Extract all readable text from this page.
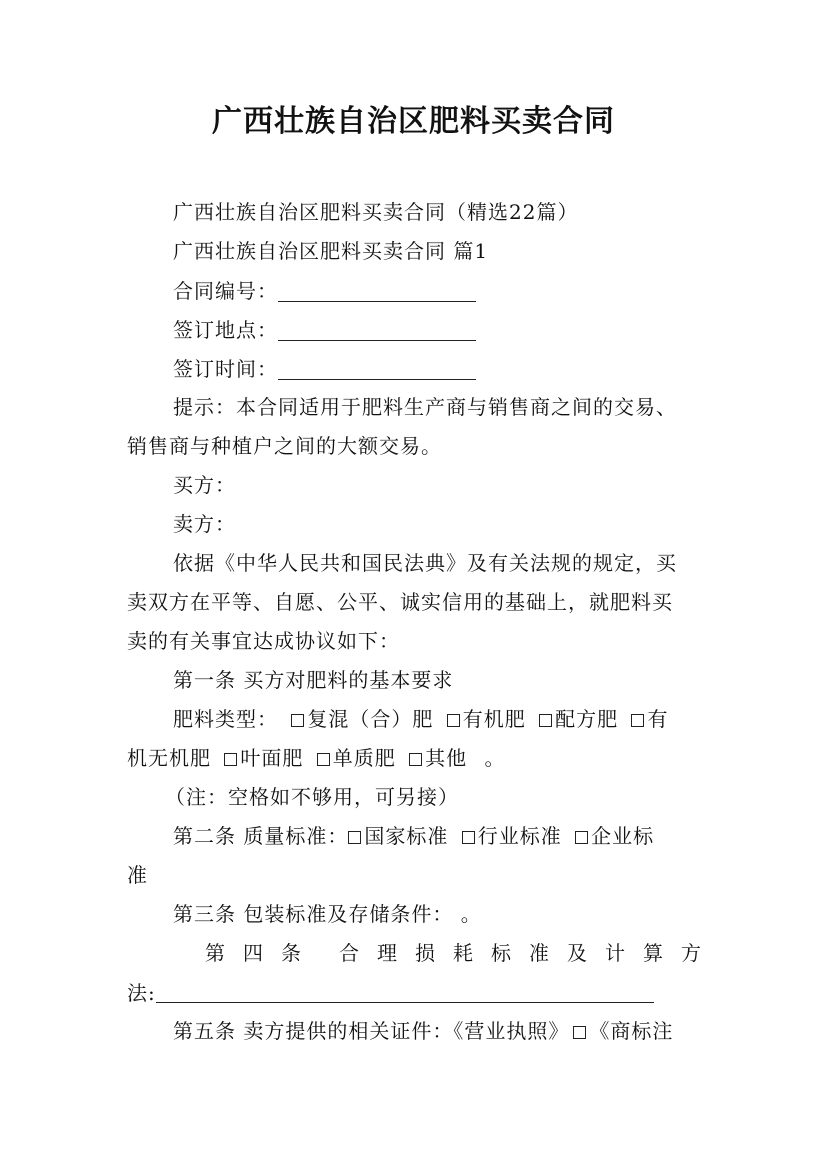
广西壮族自治区肥料买卖合同
广西壮族自治区肥料买卖合同（精选22篇）
广西壮族自治区肥料买卖合同 篇1
合同编号：
签订地点：
签订时间：
提示：本合同适用于肥料生产商与销售商之间的交易、
销售商与种植户之间的大额交易。
买方：
卖方：
依据《中华人民共和国民法典》及有关法规的规定，买
卖双方在平等、自愿、公平、诚实信用的基础上，就肥料买
卖的有关事宜达成协议如下：
第一条 买方对肥料的基本要求
肥料类型： 复混（合）肥 有机肥 配方肥 有
机无机肥 叶面肥 单质肥 其他 。
（注：空格如不够用，可另接）
第二条 质量标准： 国家标准 行业标准 企业标
准
第三条 包装标准及存储条件： 。
第 四 条 合 理 损 耗 标 准 及 计 算 方
法:
第五条 卖方提供的相关证件：《营业执照》 《商标注
